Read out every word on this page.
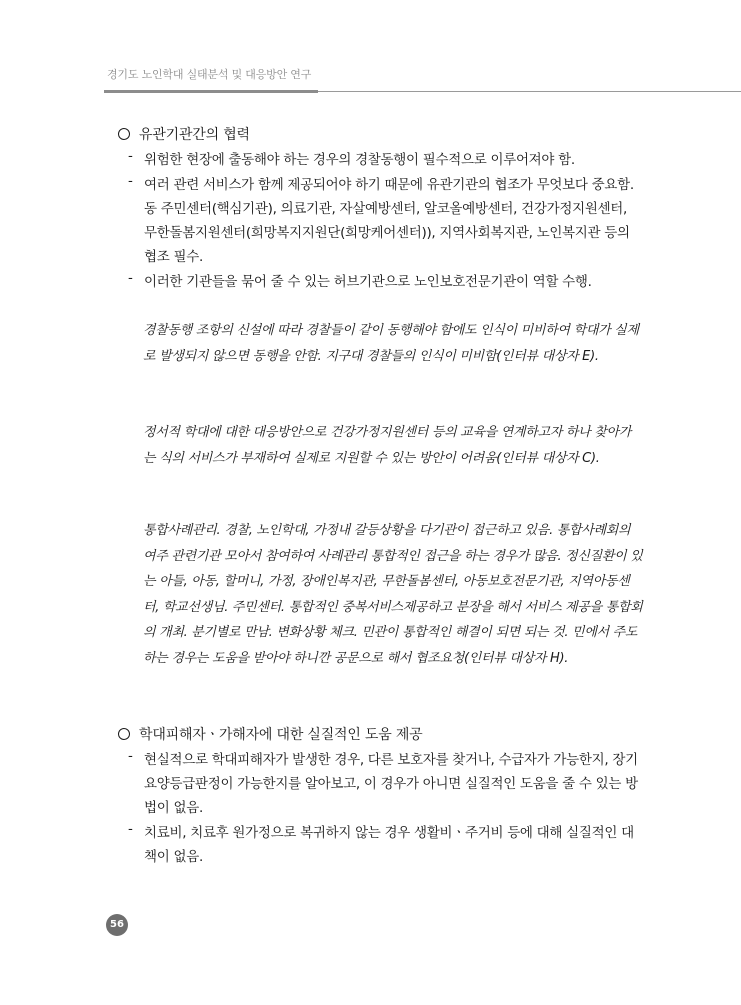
경기도 노인학대 실태분석 및 대응방안 연구
유관기관간의 협력
- 위험한 현장에 출동해야 하는 경우의 경찰동행이 필수적으로 이루어져야 함.
- 여러 관련 서비스가 함께 제공되어야 하기 때문에 유관기관의 협조가 무엇보다 중요함. 동 주민센터(핵심기관), 의료기관, 자살예방센터, 알코올예방센터, 건강가정지원센터, 무한돌봄지원센터(희망복지지원단(희망케어센터)), 지역사회복지관, 노인복지관 등의 협조 필수.
- 이러한 기관들을 묶어 줄 수 있는 허브기관으로 노인보호전문기관이 역할 수행.
경찰동행 조항의 신설에 따라 경찰들이 같이 동행해야 함에도 인식이 미비하여 학대가 실제로 발생되지 않으면 동행을 안함. 지구대 경찰들의 인식이 미비함(인터뷰 대상자 E).
정서적 학대에 대한 대응방안으로 건강가정지원센터 등의 교육을 연계하고자 하나 찾아가는 식의 서비스가 부재하여 실제로 지원할 수 있는 방안이 어려움(인터뷰 대상자 C).
통합사례관리. 경찰, 노인학대, 가정내 갈등상황을 다기관이 접근하고 있음. 통합사례회의 여주 관련기관 모아서 참여하여 사례관리 통합적인 접근을 하는 경우가 많음. 정신질환이 있는 아들, 아동, 할머니, 가정, 장애인복지관, 무한돌봄센터, 아동보호전문기관, 지역아동센터, 학교선생님. 주민센터. 통합적인 중복서비스제공하고 분장을 해서 서비스 제공을 통합회의 개최. 분기별로 만남. 변화상황 체크. 민관이 통합적인 해결이 되면 되는 것. 민에서 주도하는 경우는 도움을 받아야 하니깐 공문으로 해서 협조요청(인터뷰 대상자 H).
학대피해자ㆍ가해자에 대한 실질적인 도움 제공
- 현실적으로 학대피해자가 발생한 경우, 다른 보호자를 찾거나, 수급자가 가능한지, 장기요양등급판정이 가능한지를 알아보고, 이 경우가 아니면 실질적인 도움을 줄 수 있는 방법이 없음.
- 치료비, 치료후 원가정으로 복귀하지 않는 경우 생활비ㆍ주거비 등에 대해 실질적인 대책이 없음.
56
